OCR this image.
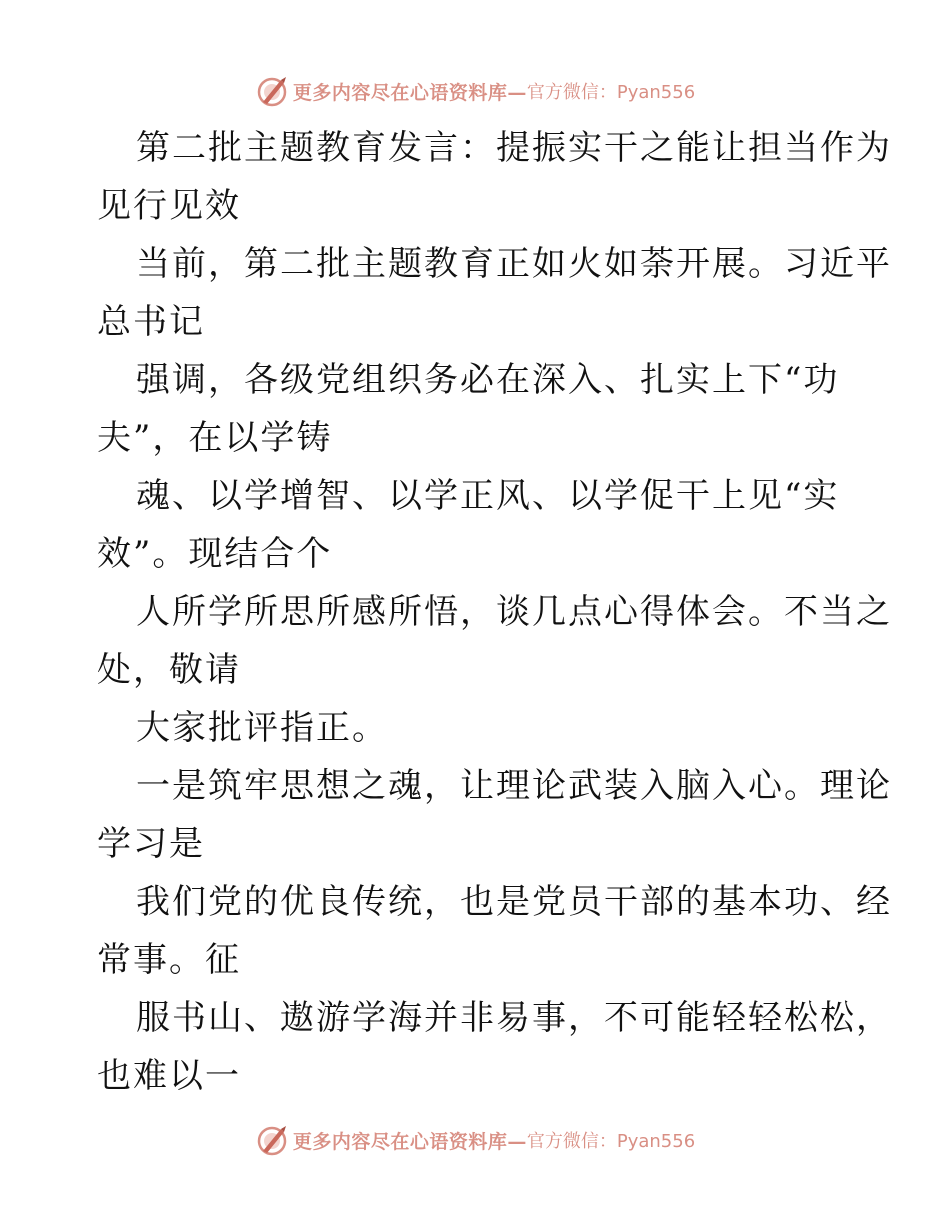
更多内容尽在心语资料库— 官方微信：Pyan556
第二批主题教育发言：提振实干之能让担当作为
见行见效
当前，第二批主题教育正如火如荼开展。习近平
总书记
强调，各级党组织务必在深入、扎实上下“功
夫”，在以学铸
魂、以学增智、以学正风、以学促干上见“实
效”。现结合个
人所学所思所感所悟，谈几点心得体会。不当之
处，敬请
大家批评指正。
一是筑牢思想之魂，让理论武装入脑入心。理论
学习是
我们党的优良传统，也是党员干部的基本功、经
常事。征
服书山、遨游学海并非易事，不可能轻轻松松，
也难以一
更多内容尽在心语资料库— 官方微信：Pyan556
